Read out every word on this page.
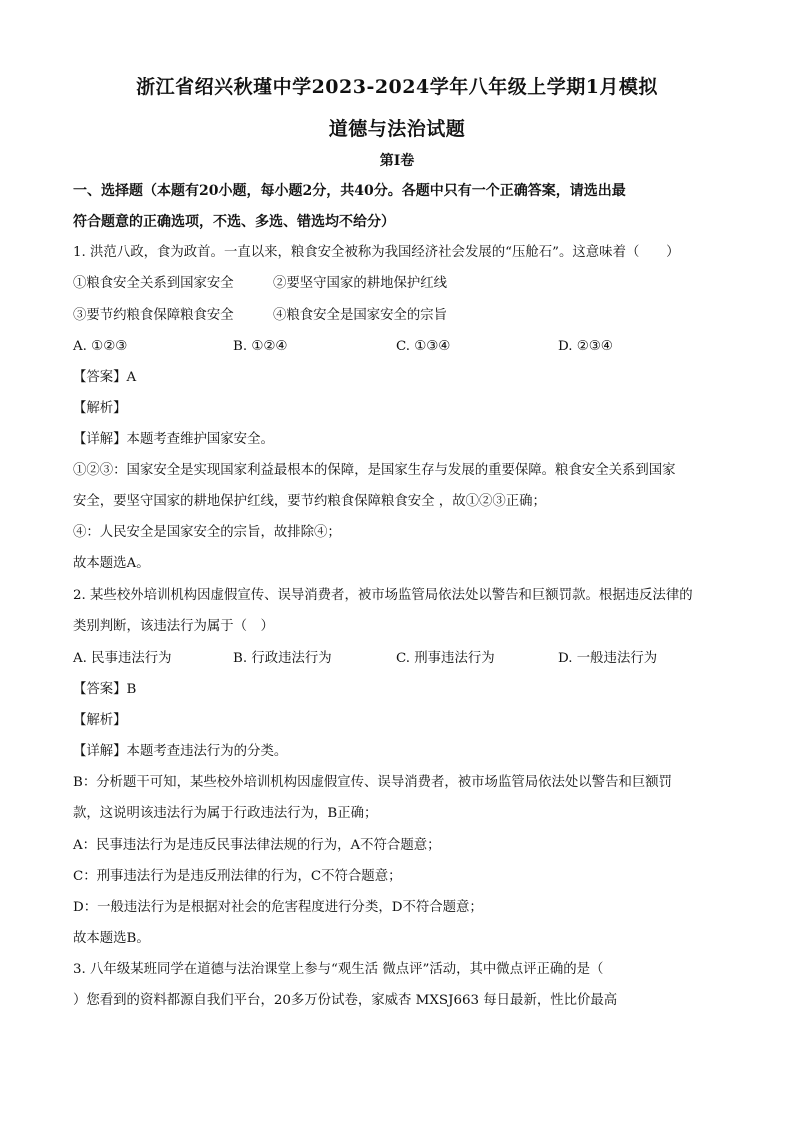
浙江省绍兴秋瑾中学2023-2024学年八年级上学期1月模拟
道德与法治试题
第I卷
一、选择题（本题有20小题，每小题2分，共40分。各题中只有一个正确答案，请选出最
符合题意的正确选项，不选、多选、错选均不给分）
1. 洪范八政，食为政首。一直以来，粮食安全被称为我国经济社会发展的“压舱石”。这意味着（　　）
①粮食安全关系到国家安全	②要坚守国家的耕地保护红线
③要节约粮食保障粮食安全	④粮食安全是国家安全的宗旨
A. ①②③	B. ①②④	C. ①③④	D. ②③④
【答案】A
【解析】
【详解】本题考查维护国家安全。
①②③：国家安全是实现国家利益最根本的保障，是国家生存与发展的重要保障。粮食安全关系到国家
安全，要坚守国家的耕地保护红线，要节约粮食保障粮食安全 ，故①②③正确；
④：人民安全是国家安全的宗旨，故排除④；
故本题选A。
2. 某些校外培训机构因虚假宣传、误导消费者，被市场监管局依法处以警告和巨额罚款。根据违反法律的
类别判断，该违法行为属于（　）
A. 民事违法行为	B. 行政违法行为	C. 刑事违法行为	D. 一般违法行为
【答案】B
【解析】
【详解】本题考查违法行为的分类。
B：分析题干可知，某些校外培训机构因虚假宣传、误导消费者，被市场监管局依法处以警告和巨额罚
款，这说明该违法行为属于行政违法行为，B正确；
A：民事违法行为是违反民事法律法规的行为，A不符合题意；
C：刑事违法行为是违反刑法律的行为，C不符合题意；
D：一般违法行为是根据对社会的危害程度进行分类，D不符合题意；
故本题选B。
3. 八年级某班同学在道德与法治课堂上参与“观生活 微点评”活动，其中微点评正确的是（
）您看到的资料都源自我们平台，20多万份试卷，家威杏 MXSJ663 每日最新，性比价最高
